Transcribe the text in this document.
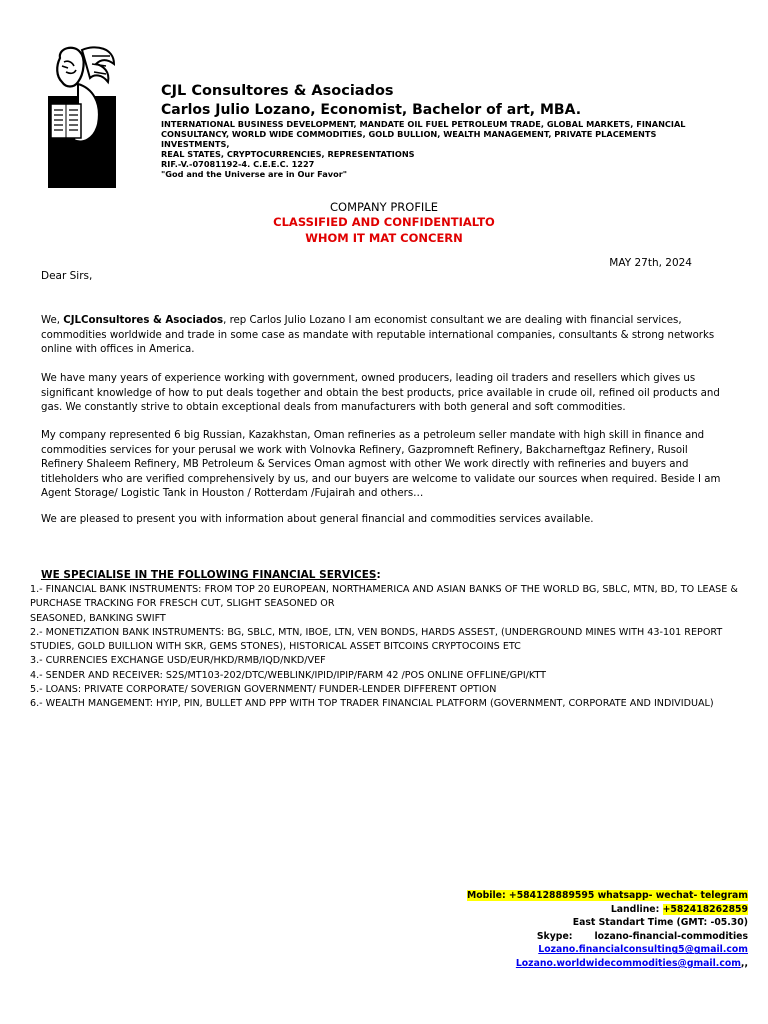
CJL Consultores & Asociados
Carlos Julio Lozano, Economist, Bachelor of art, MBA.
INTERNATIONAL BUSINESS DEVELOPMENT, MANDATE OIL FUEL PETROLEUM TRADE, GLOBAL MARKETS, FINANCIAL
CONSULTANCY, WORLD WIDE COMMODITIES, GOLD BULLION, WEALTH MANAGEMENT, PRIVATE PLACEMENTS INVESTMENTS,
REAL STATES, CRYPTOCURRENCIES, REPRESENTATIONS
RIF.-V.-07081192-4. C.E.E.C. 1227
"God and the Universe are in Our Favor"
COMPANY PROFILE
CLASSIFIED AND CONFIDENTIALTO
WHOM IT MAT CONCERN
MAY 27th, 2024
Dear Sirs,
We, CJLConsultores & Asociados, rep Carlos Julio Lozano I am economist consultant we are dealing with financial services, commodities worldwide and trade in some case as mandate with reputable international companies, consultants & strong networks online with offices in America.
We have many years of experience working with government, owned producers, leading oil traders and resellers which gives us significant knowledge of how to put deals together and obtain the best products, price available in crude oil, refined oil products and gas. We constantly strive to obtain exceptional deals from manufacturers with both general and soft commodities.
My company represented 6 big Russian, Kazakhstan, Oman refineries as a petroleum seller mandate with high skill in finance and commodities services for your perusal we work with Volnovka Refinery, Gazpromneft Refinery, Bakcharneftgaz Refinery, Rusoil Refinery Shaleem Refinery, MB Petroleum & Services Oman agmost with other We work directly with refineries and buyers and titleholders who are verified comprehensively by us, and our buyers are welcome to validate our sources when required. Beside I am Agent Storage/ Logistic Tank in Houston / Rotterdam /Fujairah and others…
We are pleased to present you with information about general financial and commodities services available.
WE SPECIALISE IN THE FOLLOWING FINANCIAL SERVICES:
1.- FINANCIAL BANK INSTRUMENTS: FROM TOP 20 EUROPEAN, NORTHAMERICA AND ASIAN BANKS OF THE WORLD BG, SBLC, MTN, BD, TO LEASE & PURCHASE TRACKING FOR FRESCH CUT, SLIGHT SEASONED OR
SEASONED, BANKING SWIFT
2.- MONETIZATION BANK INSTRUMENTS: BG, SBLC, MTN, IBOE, LTN, VEN BONDS, HARDS ASSEST, (UNDERGROUND MINES WITH 43-101 REPORT STUDIES, GOLD BUILLION WITH SKR, GEMS STONES), HISTORICAL ASSET BITCOINS CRYPTOCOINS ETC
3.- CURRENCIES EXCHANGE USD/EUR/HKD/RMB/IQD/NKD/VEF
4.- SENDER AND RECEIVER: S2S/MT103-202/DTC/WEBLINK/IPID/IPIP/FARM 42 /POS ONLINE OFFLINE/GPI/KTT
5.- LOANS: PRIVATE CORPORATE/ SOVERIGN GOVERNMENT/ FUNDER-LENDER DIFFERENT OPTION
6.- WEALTH MANGEMENT: HYIP, PIN, BULLET AND PPP WITH TOP TRADER FINANCIAL PLATFORM (GOVERNMENT, CORPORATE AND INDIVIDUAL)
Mobile: +584128889595 whatsapp- wechat- telegram
Landline: +582418262859
East Standart Time (GMT: -05.30)
Skype: lozano-financial-commodities
Lozano.financialconsulting5@gmail.com
Lozano.worldwidecommodities@gmail.com,,
